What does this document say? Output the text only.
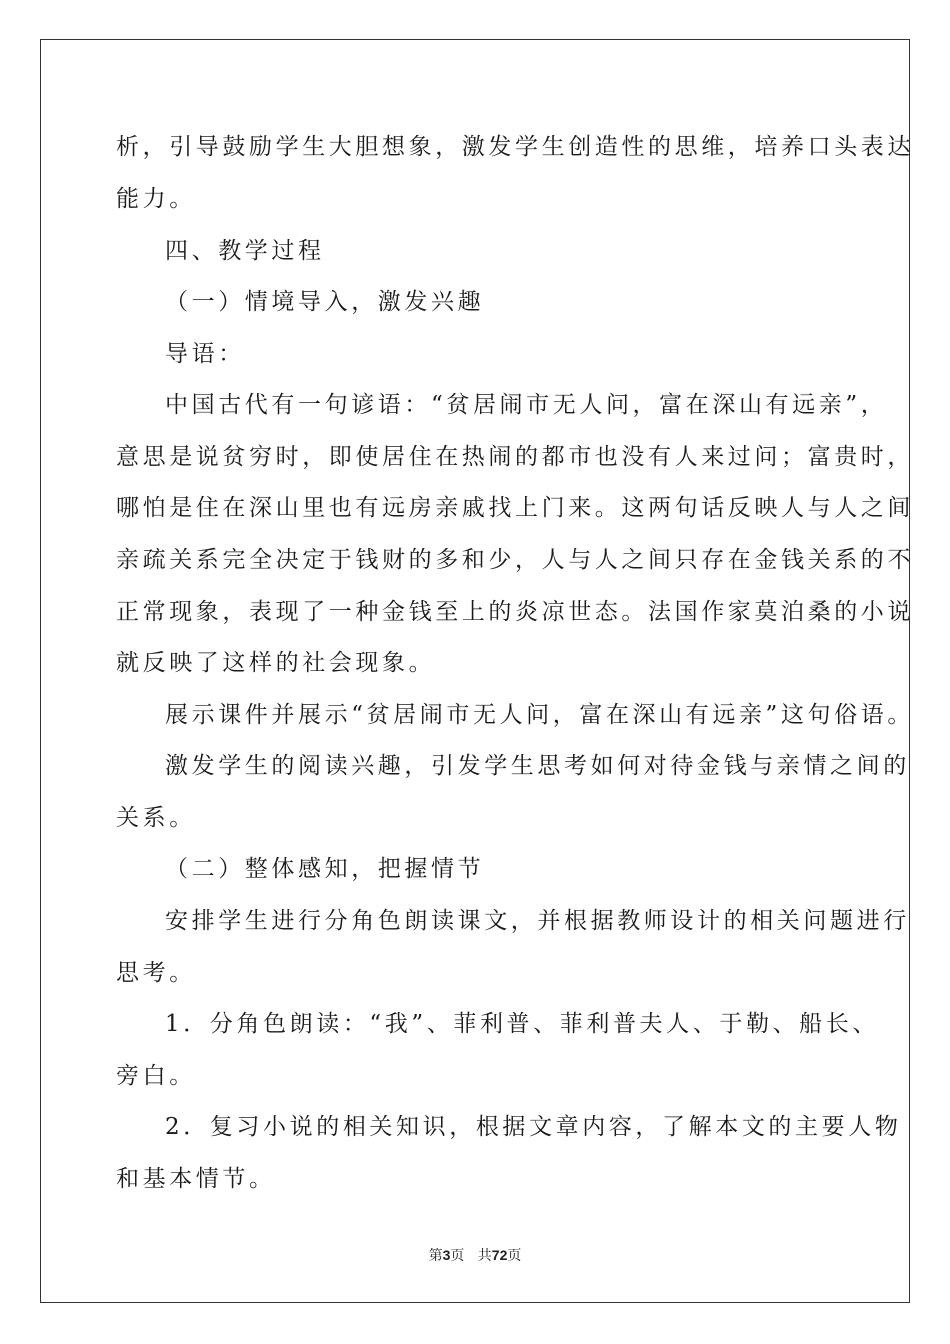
析，引导鼓励学生大胆想象，激发学生创造性的思维，培养口头表达
能力。
四、教学过程
（一）情境导入，激发兴趣
导语：
中国古代有一句谚语：“贫居闹市无人问，富在深山有远亲”，
意思是说贫穷时，即使居住在热闹的都市也没有人来过问；富贵时，
哪怕是住在深山里也有远房亲戚找上门来。这两句话反映人与人之间
亲疏关系完全决定于钱财的多和少，人与人之间只存在金钱关系的不
正常现象，表现了一种金钱至上的炎凉世态。法国作家莫泊桑的小说
就反映了这样的社会现象。
展示课件并展示“贫居闹市无人问，富在深山有远亲”这句俗语。
激发学生的阅读兴趣，引发学生思考如何对待金钱与亲情之间的
关系。
（二）整体感知，把握情节
安排学生进行分角色朗读课文，并根据教师设计的相关问题进行
思考。
1．分角色朗读：“我”、菲利普、菲利普夫人、于勒、船长、
旁白。
2．复习小说的相关知识，根据文章内容，了解本文的主要人物
和基本情节。
第3页 共72页
